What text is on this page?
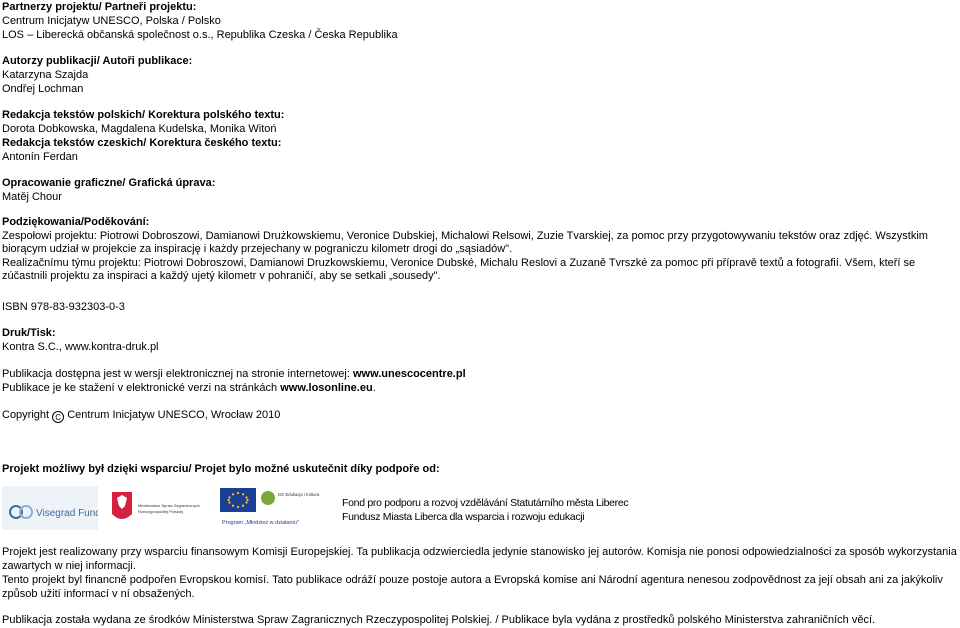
Partnerzy projektu/ Partneři projektu:
Centrum Inicjatyw UNESCO, Polska / Polsko
LOS – Liberecká občanská společnost o.s., Republika Czeska / Česka Republika
Autorzy publikacji/ Autoři publikace:
Katarzyna Szajda
Ondřej Lochman
Redakcja tekstów polskich/ Korektura polského textu:
Dorota Dobkowska, Magdalena Kudelska, Monika Witoń
Redakcja tekstów czeskich/ Korektura českého textu:
Antonín Ferdan
Opracowanie graficzne/ Grafická úprava:
Matěj Chour
Podziękowania/Poděkování:
Zespołowi projektu: Piotrowi Dobroszowi, Damianowi Drużkowskiemu, Veronice Dubskiej, Michalowi Relsowi, Zuzie Tvarskiej, za pomoc przy przygotowywaniu tekstów oraz zdjęć. Wszystkim biorącym udział w projekcie za inspirację i każdy przejechany w pograniczu kilometr drogi do „sąsiadów".
Realizačnímu týmu projektu: Piotrowi Dobroszowi, Damianowi Druzkowskiemu, Veronice Dubské, Michalu Reslovi a Zuzaně Tvrszké za pomoc při přípravě textů a fotografií. Všem, kteří se zúčastnili projektu za inspiraci a každý ujetý kilometr v pohraničí, aby se setkali „sousedy".
ISBN 978-83-932303-0-3
Druk/Tisk:
Kontra S.C., www.kontra-druk.pl
Publikacja dostępna jest w wersji elektronicznej na stronie internetowej: www.unescocentre.pl
Publikace je ke stažení v elektronické verzi na stránkách www.losonline.eu.
Copyright C Centrum Inicjatyw UNESCO, Wrocław 2010
Projekt możliwy był dzięki wsparciu/ Projet bylo možné uskutečnit díky podpoře od:
Visegrad Fund
Ministerstwo Spraw Zagranicznych
Rzeczypospolitej Polskiej
DG Edukacja i Kultura
Program „Młodzież w działaniu"
Fond pro podporu a rozvoj vzdělávání Statutárního města Liberec
Fundusz Miasta Liberca dla wsparcia i rozwoju edukacji
Projekt jest realizowany przy wsparciu finansowym Komisji Europejskiej. Ta publikacja odzwierciedla jedynie stanowisko jej autorów. Komisja nie ponosi odpowiedzialności za sposób wykorzystania zawartych w niej informacji.
Tento projekt byl financně podpořen Evropskou komisí. Tato publikace odráží pouze postoje autora a Evropská komise ani Národní agentura nenesou zodpovědnost za její obsah ani za jakýkoliv způsob užití informací v ní obsažených.
Publikacja została wydana ze środków Ministerstwa Spraw Zagranicznych Rzeczypospolitej Polskiej. / Publikace byla vydána z prostředků polského Ministerstva zahraničních věcí.
